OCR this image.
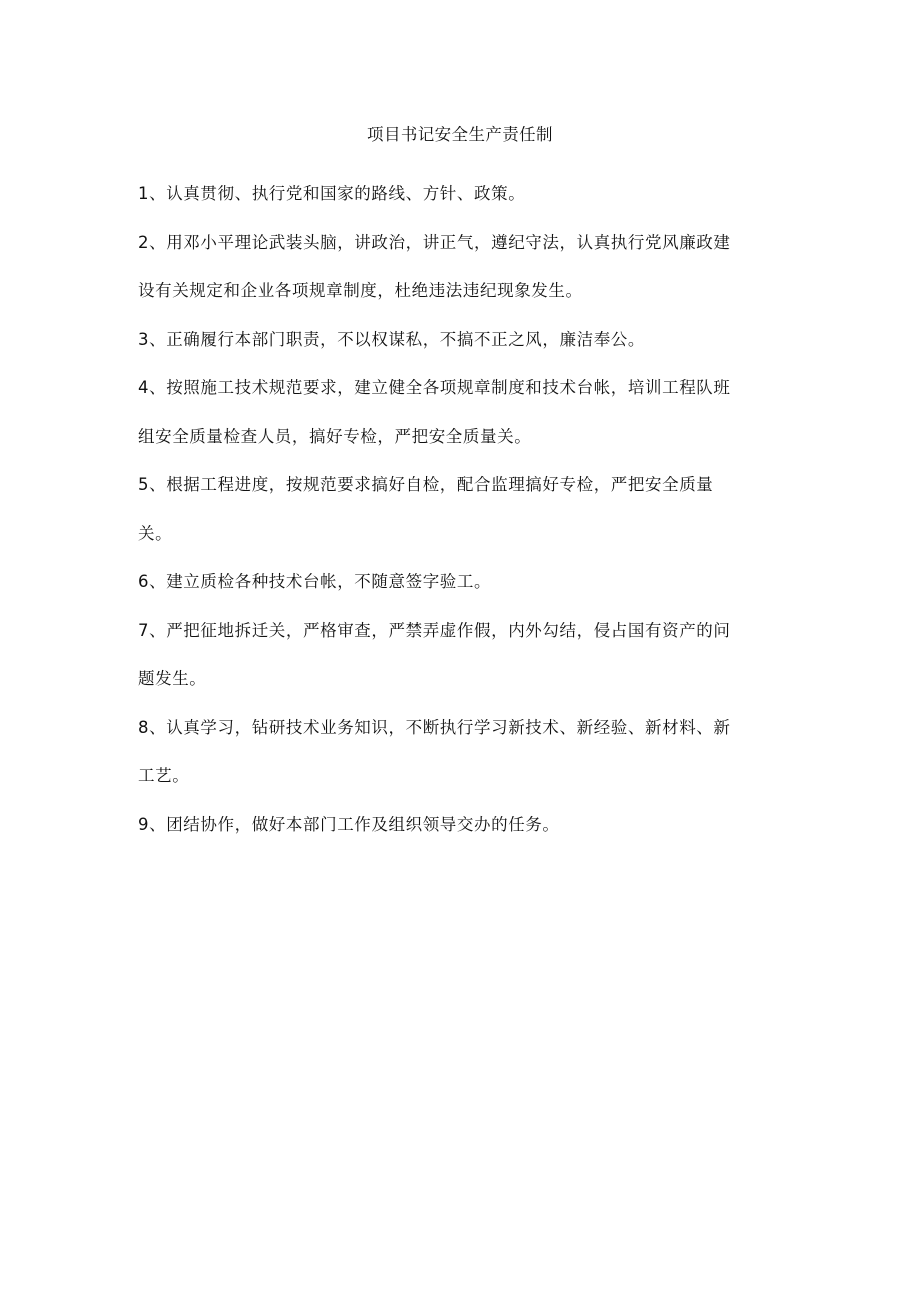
项目书记安全生产责任制

1、认真贯彻、执行党和国家的路线、方针、政策。

2、用邓小平理论武装头脑，讲政治，讲正气，遵纪守法，认真执行党风廉政建

设有关规定和企业各项规章制度，杜绝违法违纪现象发生。

3、正确履行本部门职责，不以权谋私，不搞不正之风，廉洁奉公。

4、按照施工技术规范要求，建立健全各项规章制度和技术台帐，培训工程队班

组安全质量检查人员，搞好专检，严把安全质量关。

5、根据工程进度，按规范要求搞好自检，配合监理搞好专检，严把安全质量

关。

6、建立质检各种技术台帐，不随意签字验工。

7、严把征地拆迁关，严格审查，严禁弄虚作假，内外勾结，侵占国有资产的问

题发生。

8、认真学习，钻研技术业务知识，不断执行学习新技术、新经验、新材料、新

工艺。

9、团结协作，做好本部门工作及组织领导交办的任务。
